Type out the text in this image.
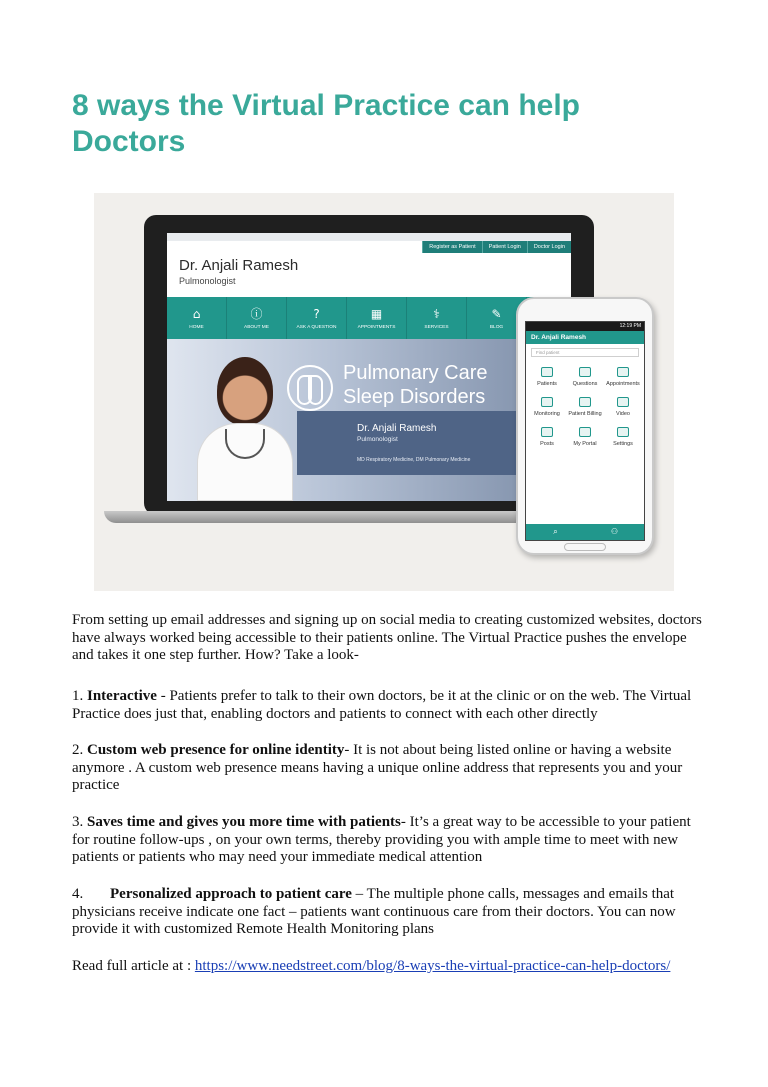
8 ways the Virtual Practice can help Doctors
Register as Patient	Patient Login	Doctor Login
Dr. Anjali Ramesh
Pulmonologist
⌂
HOME
ⓘ
ABOUT ME
?
ASK A QUESTION
▦
APPOINTMENTS
⚕
SERVICES
✎
BLOG
Pulmonary Care
Sleep Disorders
Dr. Anjali Ramesh
Pulmonologist
MD Respiratory Medicine, DM Pulmonary Medicine
12:19 PM
Dr. Anjali Ramesh
Find patient
Patients	Questions Appointments
Monitoring Patient Billing	Video
Posts	My Portal	Settings
⌕	⚇

From setting up email addresses and signing up on social media to creating customized websites, doctors have always worked being accessible to their patients online. The Virtual Practice pushes the envelope and takes it one step further. How? Take a look-

1. Interactive - Patients prefer to talk to their own doctors, be it at the clinic or on the web. The Virtual Practice does just that, enabling doctors and patients to connect with each other directly

2. Custom web presence for online identity- It is not about being listed online or having a website anymore . A custom web presence means having a unique online address that represents you and your practice

3. Saves time and gives you more time with patients- It’s a great way to be accessible to your patient for routine follow-ups , on your own terms, thereby providing you with ample time to meet with new patients or patients who may need your immediate medical attention

4. Personalized approach to patient care – The multiple phone calls, messages and emails that physicians receive indicate one fact – patients want continuous care from their doctors. You can now provide it with customized Remote Health Monitoring plans

Read full article at : https://www.needstreet.com/blog/8-ways-the-virtual-practice-can-help-doctors/
